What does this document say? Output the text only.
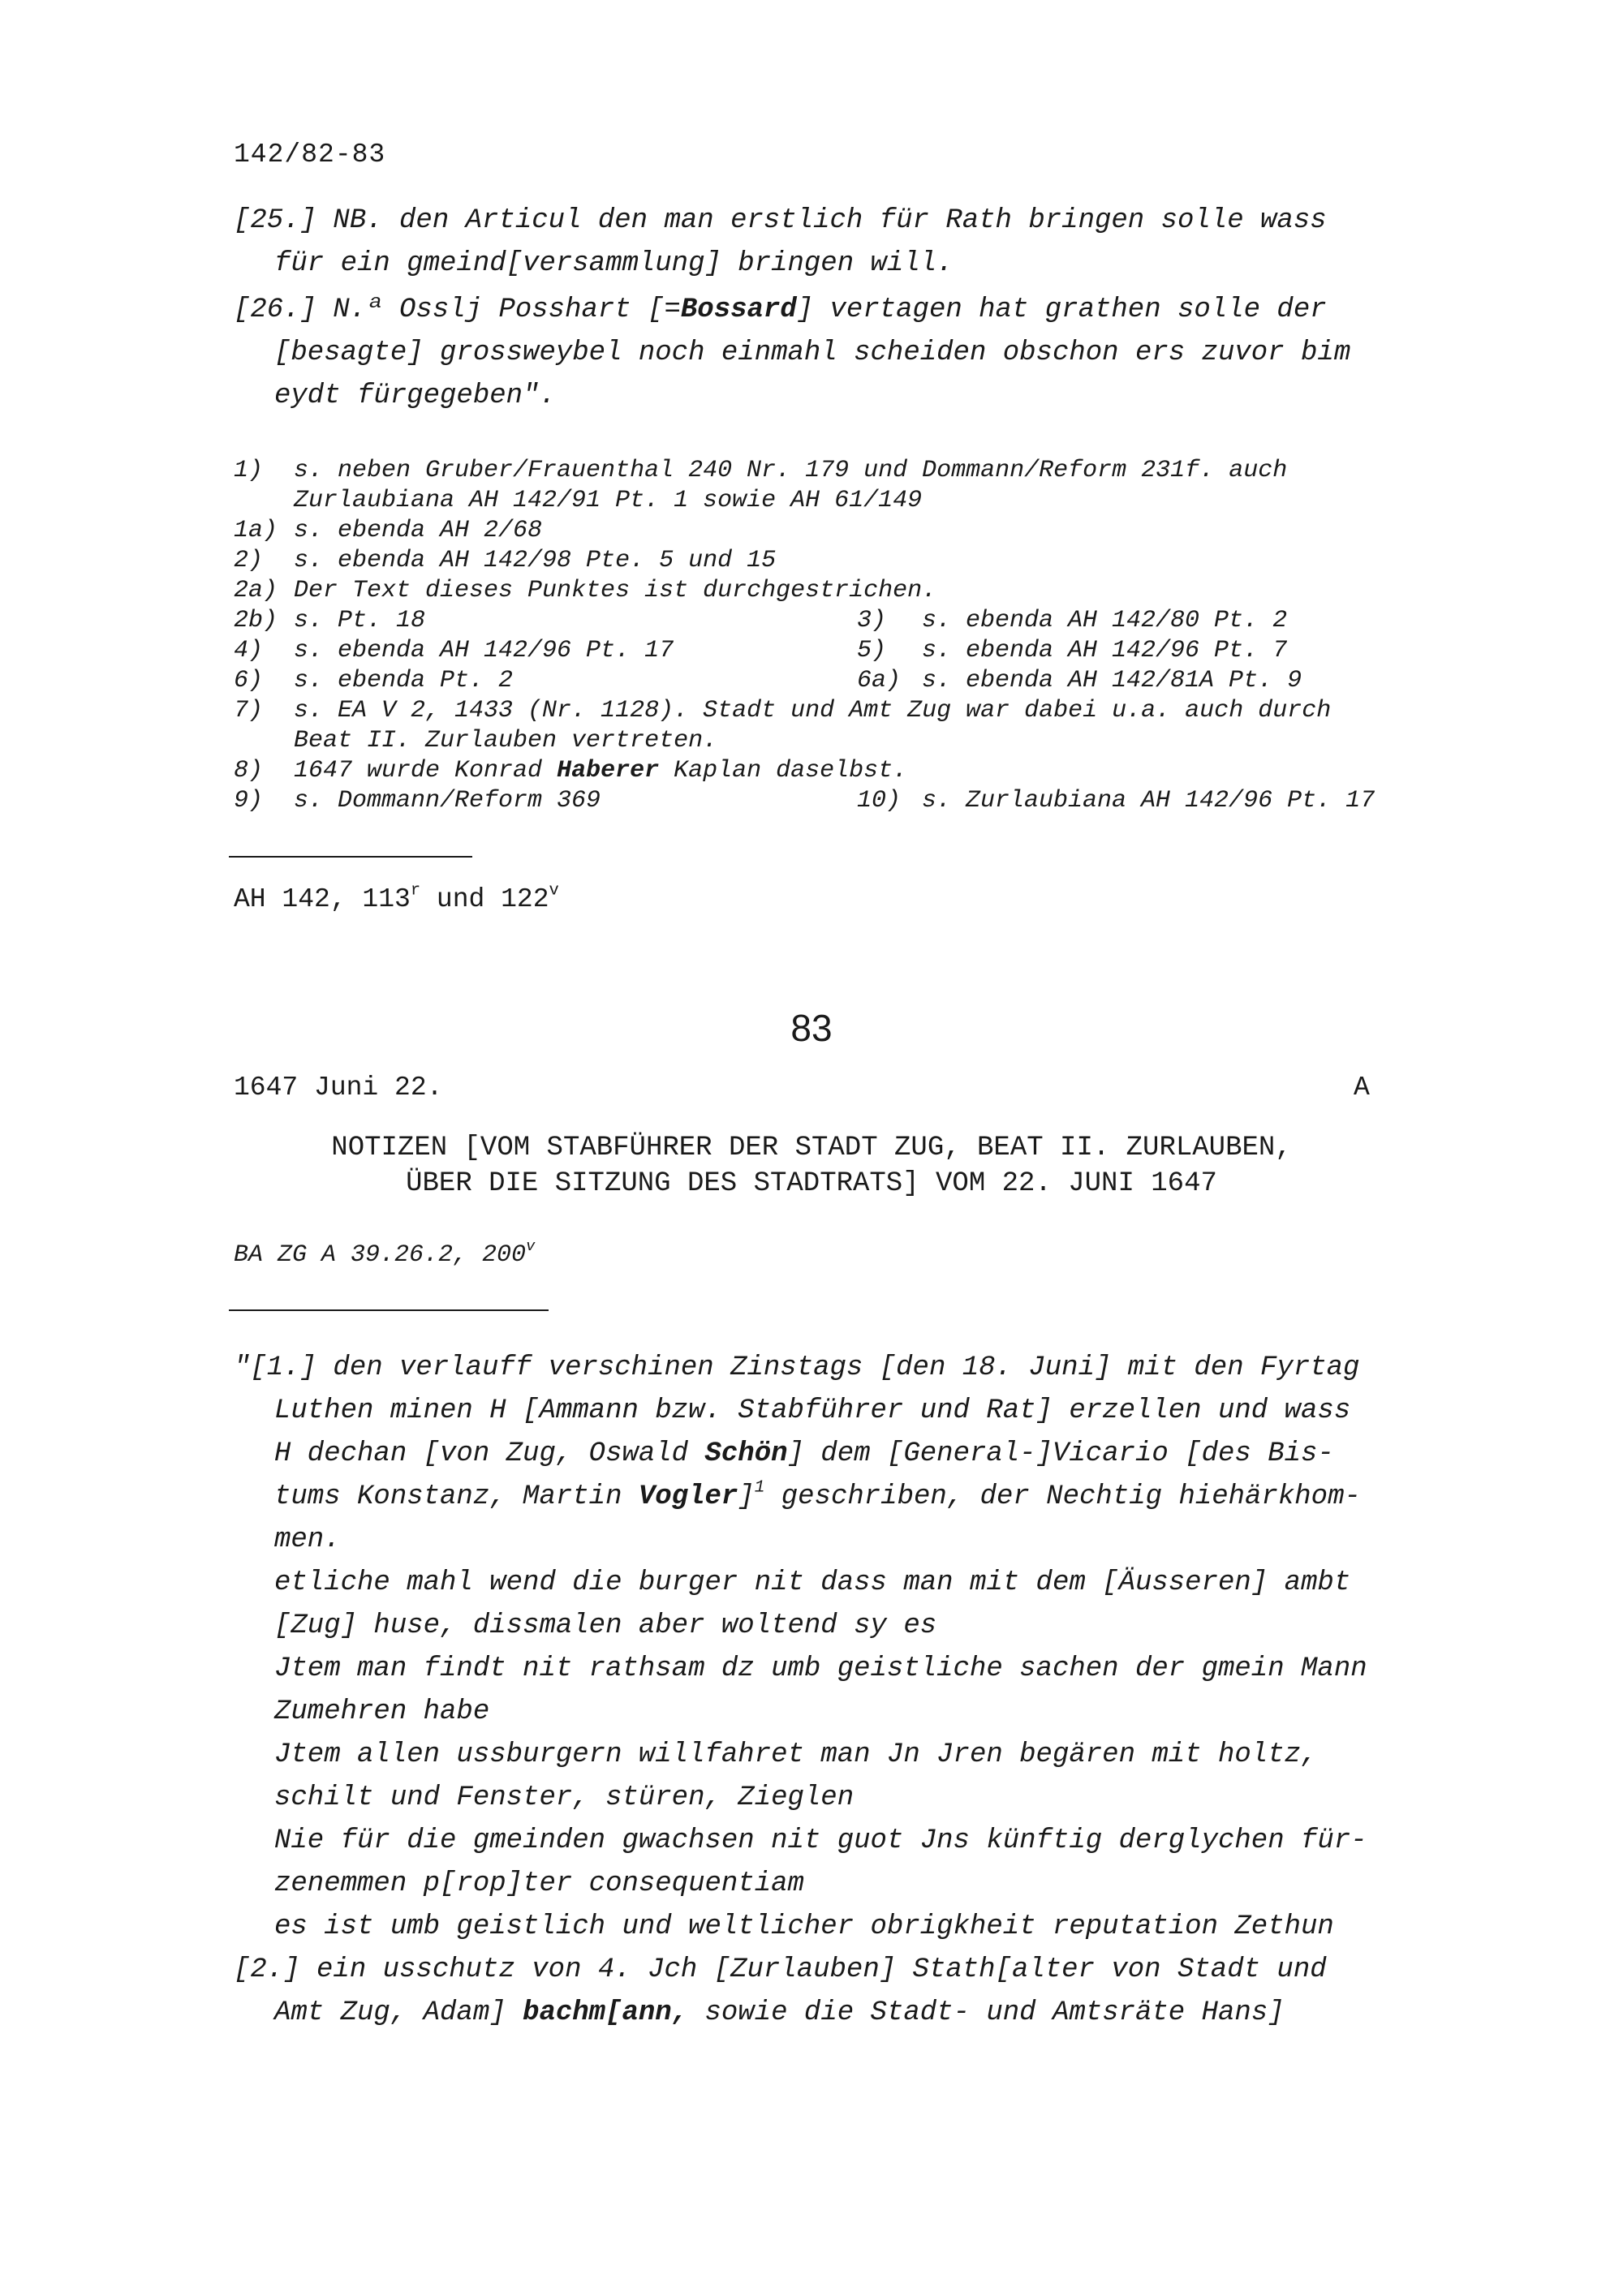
142/82-83
[25.] NB. den Articul den man erstlich für Rath bringen solle wass
für ein gmeind[versammlung] bringen will.
[26.] N.ª Osslj Posshart [=Bossard] vertagen hat grathen solle der
[besagte] grossweybel noch einmahl scheiden obschon ers zuvor bim
eydt fürgegeben".
1) s. neben Gruber/Frauenthal 240 Nr. 179 und Dommann/Reform 231f. auch
Zurlaubiana AH 142/91 Pt. 1 sowie AH 61/149
1a) s. ebenda AH 2/68
2) s. ebenda AH 142/98 Pte. 5 und 15
2a) Der Text dieses Punktes ist durchgestrichen.
2b) s. Pt. 18	3) s. ebenda AH 142/80 Pt. 2
4) s. ebenda AH 142/96 Pt. 17	5) s. ebenda AH 142/96 Pt. 7
6) s. ebenda Pt. 2	6a) s. ebenda AH 142/81A Pt. 9
7) s. EA V 2, 1433 (Nr. 1128). Stadt und Amt Zug war dabei u.a. auch durch
Beat II. Zurlauben vertreten.
8) 1647 wurde Konrad Haberer Kaplan daselbst.
9) s. Dommann/Reform 369	10) s. Zurlaubiana AH 142/96 Pt. 17
AH 142, 113$^r$ und 122$^v$
83
1647 Juni 22.	A
NOTIZEN [VOM STABFÜHRER DER STADT ZUG, BEAT II. ZURLAUBEN,
ÜBER DIE SITZUNG DES STADTRATS] VOM 22. JUNI 1647
BA ZG A 39.26.2, 200$^v$
"[1.] den verlauff verschinen Zinstags [den 18. Juni] mit den Fyrtag
Luthen minen H [Ammann bzw. Stabführer und Rat] erzellen und wass
H dechan [von Zug, Oswald Schön] dem [General-]Vicario [des Bis-
tums Konstanz, Martin Vogler]$^1$ geschriben, der Nechtig hiehärkhom-
men.
etliche mahl wend die burger nit dass man mit dem [Äusseren] ambt
[Zug] huse, dissmalen aber woltend sy es
Jtem man findt nit rathsam dz umb geistliche sachen der gmein Mann
Zumehren habe
Jtem allen ussburgern willfahret man Jn Jren begären mit holtz,
schilt und Fenster, stüren, Zieglen
Nie für die gmeinden gwachsen nit guot Jns künftig derglychen für-
zenemmen p[rop]ter consequentiam
es ist umb geistlich und weltlicher obrigkheit reputation Zethun
[2.] ein usschutz von 4. Jch [Zurlauben] Stath[alter von Stadt und
Amt Zug, Adam] bachm[ann, sowie die Stadt- und Amtsräte Hans]
